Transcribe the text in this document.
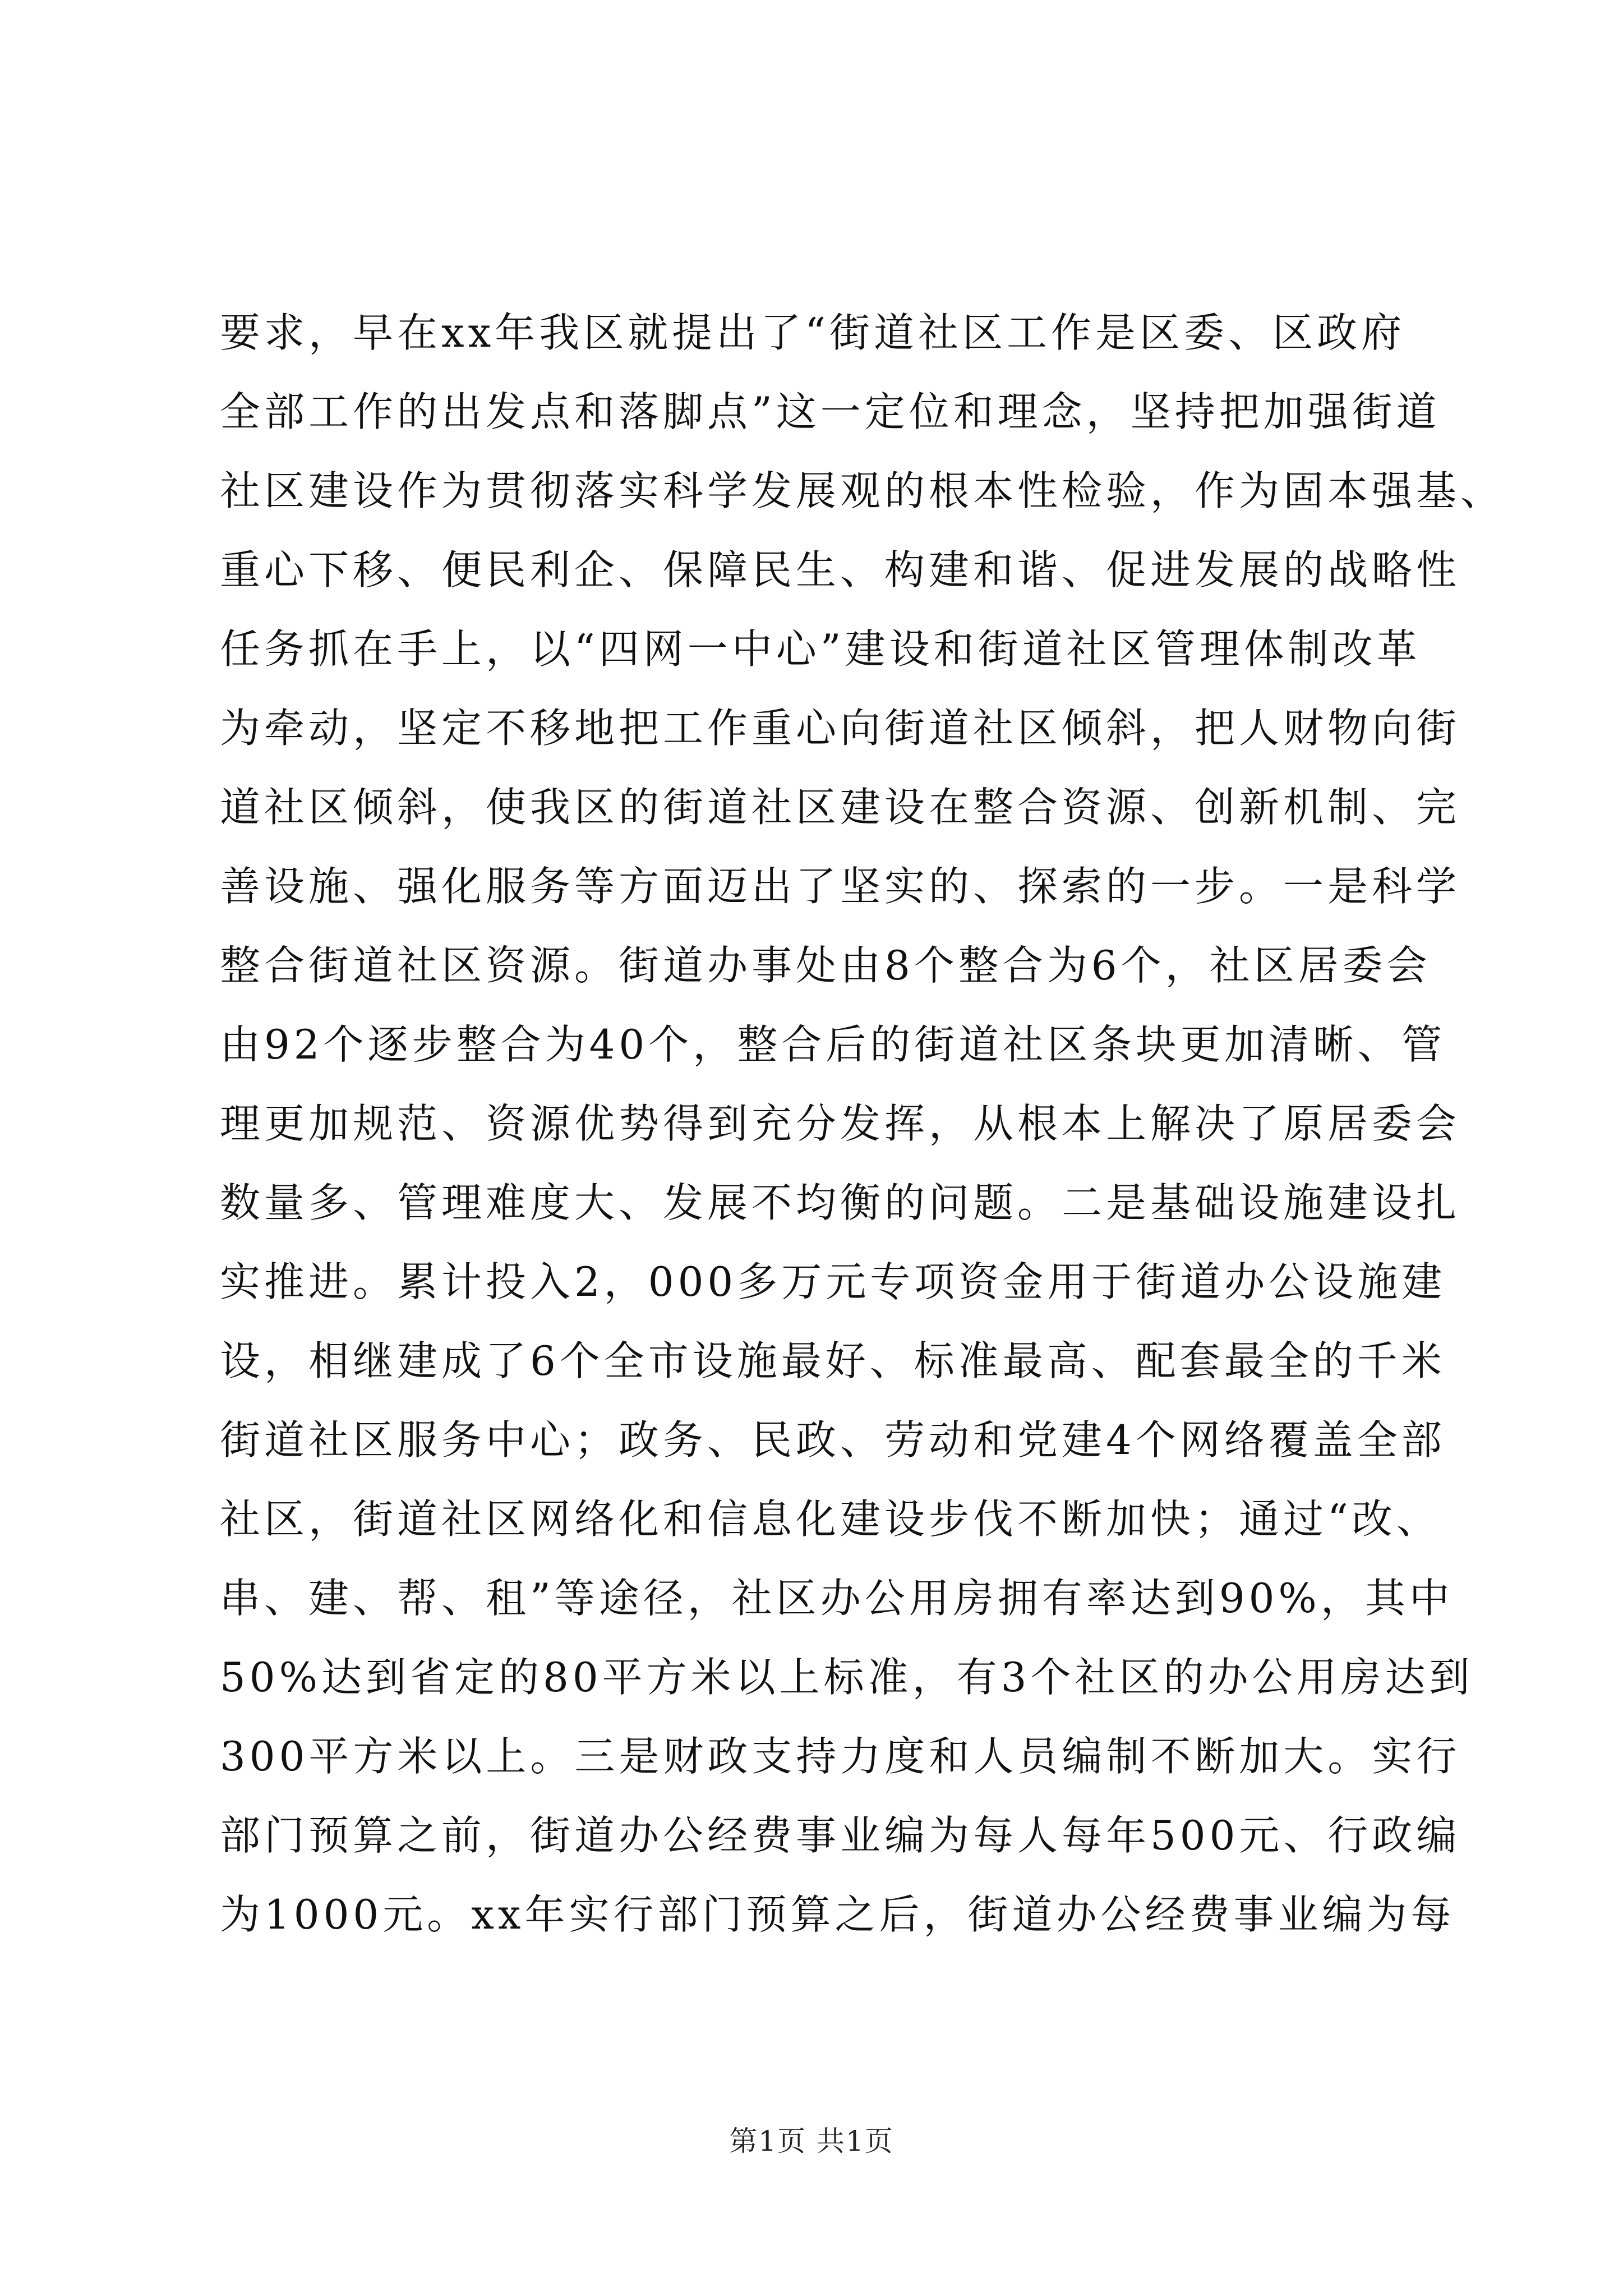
要求，早在xx年我区就提出了“街道社区工作是区委、区政府
全部工作的出发点和落脚点”这一定位和理念，坚持把加强街道
社区建设作为贯彻落实科学发展观的根本性检验，作为固本强基、
重心下移、便民利企、保障民生、构建和谐、促进发展的战略性
任务抓在手上，以“四网一中心”建设和街道社区管理体制改革
为牵动，坚定不移地把工作重心向街道社区倾斜，把人财物向街
道社区倾斜，使我区的街道社区建设在整合资源、创新机制、完
善设施、强化服务等方面迈出了坚实的、探索的一步。一是科学
整合街道社区资源。街道办事处由8个整合为6个，社区居委会
由92个逐步整合为40个，整合后的街道社区条块更加清晰、管
理更加规范、资源优势得到充分发挥，从根本上解决了原居委会
数量多、管理难度大、发展不均衡的问题。二是基础设施建设扎
实推进。累计投入2，000多万元专项资金用于街道办公设施建
设，相继建成了6个全市设施最好、标准最高、配套最全的千米
街道社区服务中心；政务、民政、劳动和党建4个网络覆盖全部
社区，街道社区网络化和信息化建设步伐不断加快；通过“改、
串、建、帮、租”等途径，社区办公用房拥有率达到90%，其中
50%达到省定的80平方米以上标准，有3个社区的办公用房达到
300平方米以上。三是财政支持力度和人员编制不断加大。实行
部门预算之前，街道办公经费事业编为每人每年500元、行政编
为1000元。xx年实行部门预算之后，街道办公经费事业编为每
第1页 共1页
